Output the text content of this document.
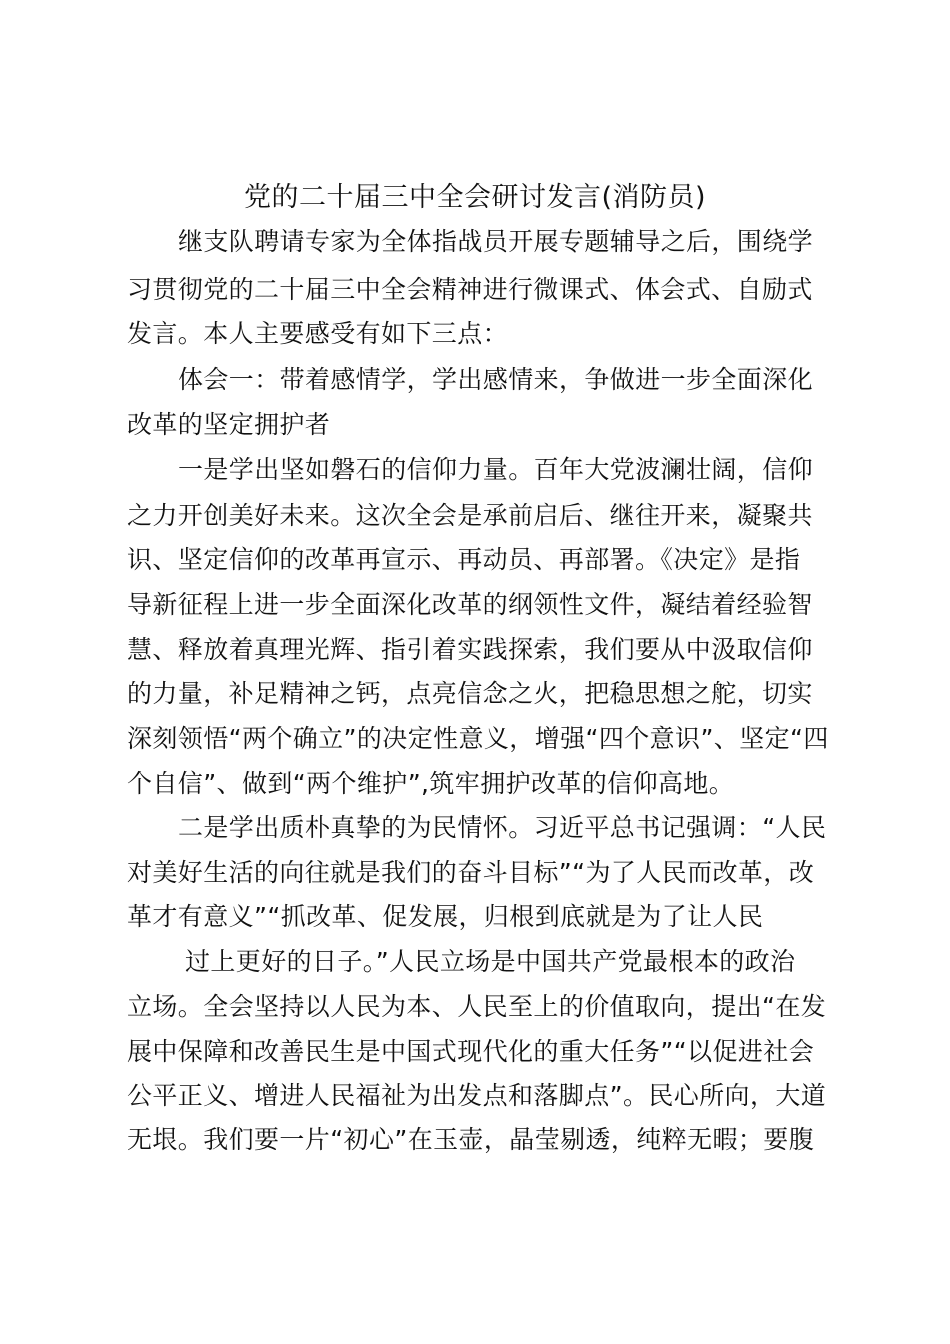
党的二十届三中全会研讨发言(消防员)
继支队聘请专家为全体指战员开展专题辅导之后，围绕学
习贯彻党的二十届三中全会精神进行微课式、体会式、自励式
发言。本人主要感受有如下三点：
体会一：带着感情学，学出感情来，争做进一步全面深化
改革的坚定拥护者
一是学出坚如磐石的信仰力量。百年大党波澜壮阔，信仰
之力开创美好未来。这次全会是承前启后、继往开来，凝聚共
识、坚定信仰的改革再宣示、再动员、再部署。《决定》是指
导新征程上进一步全面深化改革的纲领性文件，凝结着经验智
慧、释放着真理光辉、指引着实践探索，我们要从中汲取信仰
的力量，补足精神之钙，点亮信念之火，把稳思想之舵，切实
深刻领悟“两个确立”的决定性意义，增强“四个意识”、坚定“四
个自信”、做到“两个维护”,筑牢拥护改革的信仰高地。
二是学出质朴真挚的为民情怀。习近平总书记强调：“人民
对美好生活的向往就是我们的奋斗目标”“为了人民而改革，改
革才有意义”“抓改革、促发展，归根到底就是为了让人民
过上更好的日子。”人民立场是中国共产党最根本的政治
立场。全会坚持以人民为本、人民至上的价值取向，提出“在发
展中保障和改善民生是中国式现代化的重大任务”“以促进社会
公平正义、增进人民福祉为出发点和落脚点”。民心所向，大道
无垠。我们要一片“初心”在玉壶，晶莹剔透，纯粹无暇；要腹
